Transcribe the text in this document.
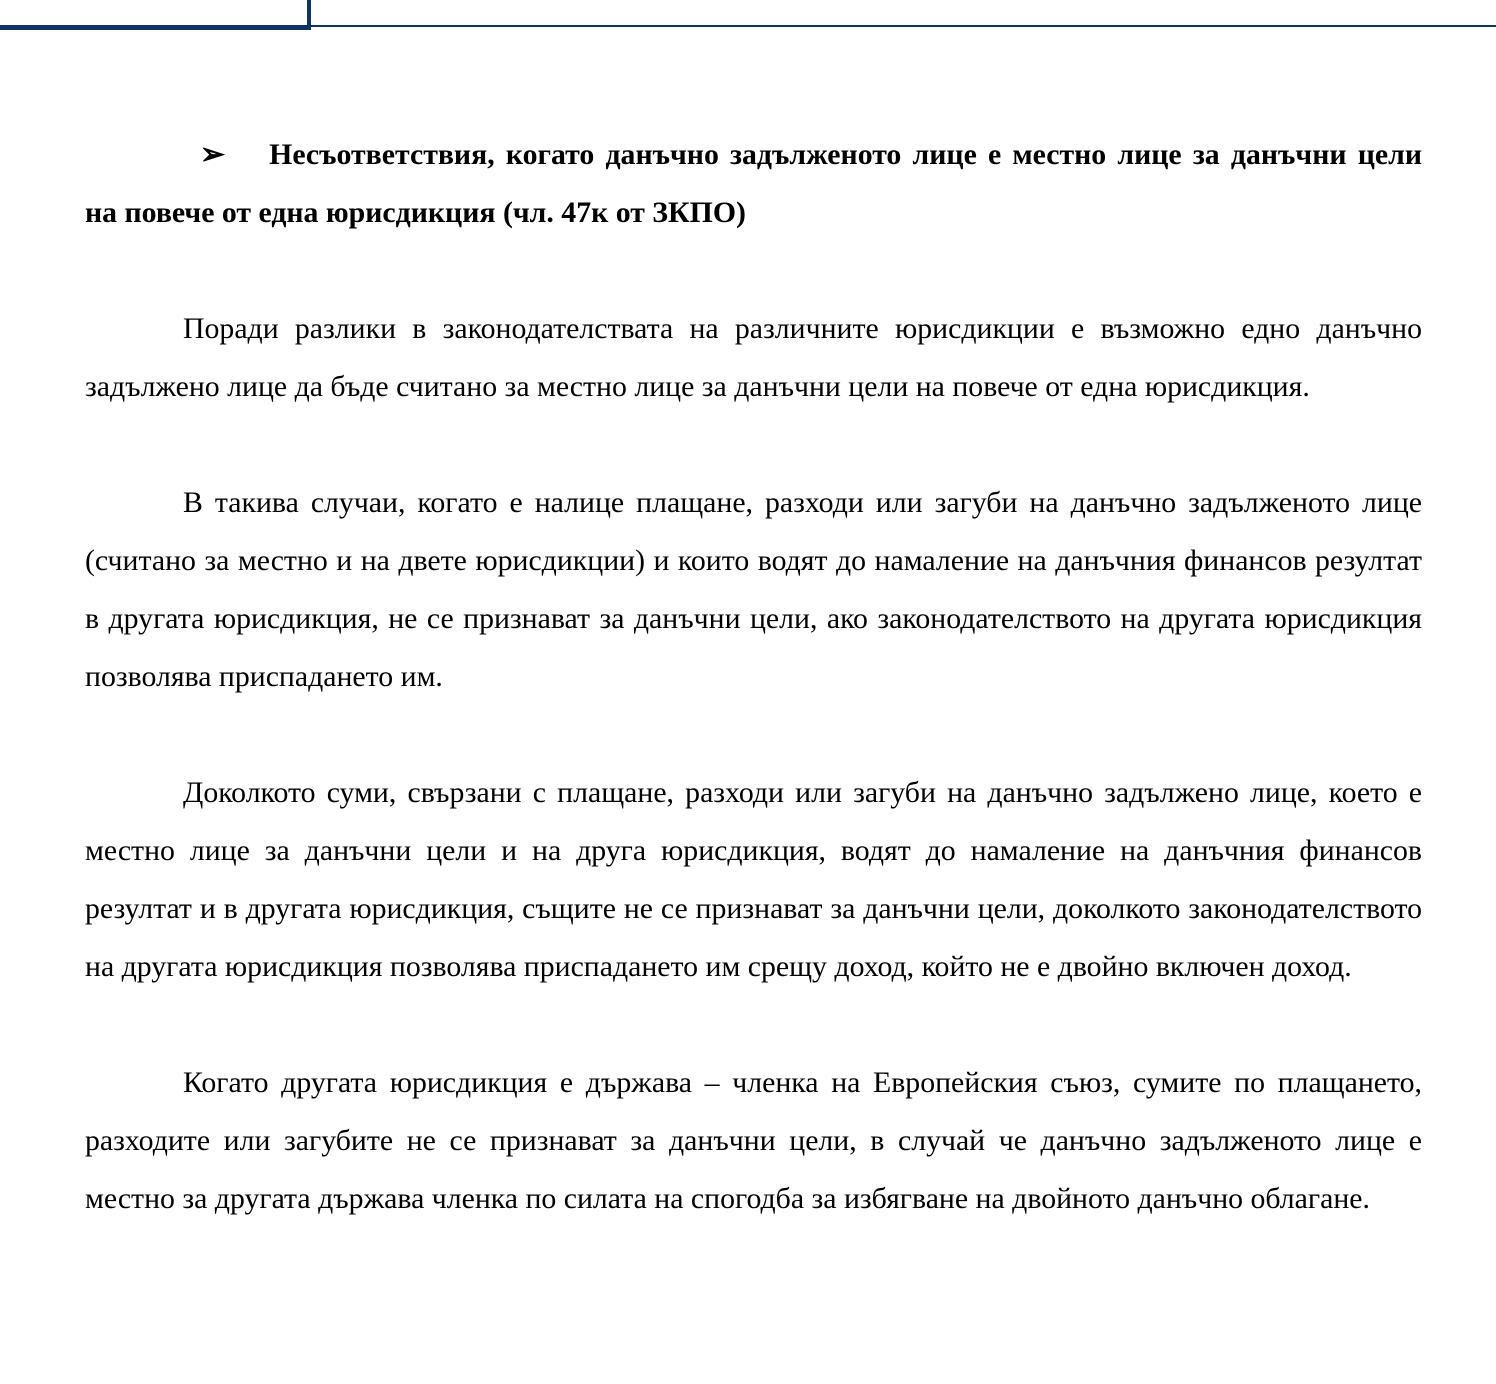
➢ Несъответствия, когато данъчно задълженото лице е местно лице за данъчни цели на повече от една юрисдикция (чл. 47к от ЗКПО)

Поради разлики в законодателствата на различните юрисдикции е възможно едно данъчно задължено лице да бъде считано за местно лице за данъчни цели на повече от една юрисдикция.

В такива случаи, когато е налице плащане, разходи или загуби на данъчно задълженото лице (считано за местно и на двете юрисдикции) и които водят до намаление на данъчния финансов резултат в другата юрисдикция, не се признават за данъчни цели, ако законодателството на другата юрисдикция позволява приспадането им.

Доколкото суми, свързани с плащане, разходи или загуби на данъчно задължено лице, което е местно лице за данъчни цели и на друга юрисдикция, водят до намаление на данъчния финансов резултат и в другата юрисдикция, същите не се признават за данъчни цели, доколкото законодателството на другата юрисдикция позволява приспадането им срещу доход, който не е двойно включен доход.

Когато другата юрисдикция е държава – членка на Европейския съюз, сумите по плащането, разходите или загубите не се признават за данъчни цели, в случай че данъчно задълженото лице е местно за другата държава членка по силата на спогодба за избягване на двойното данъчно облагане.
